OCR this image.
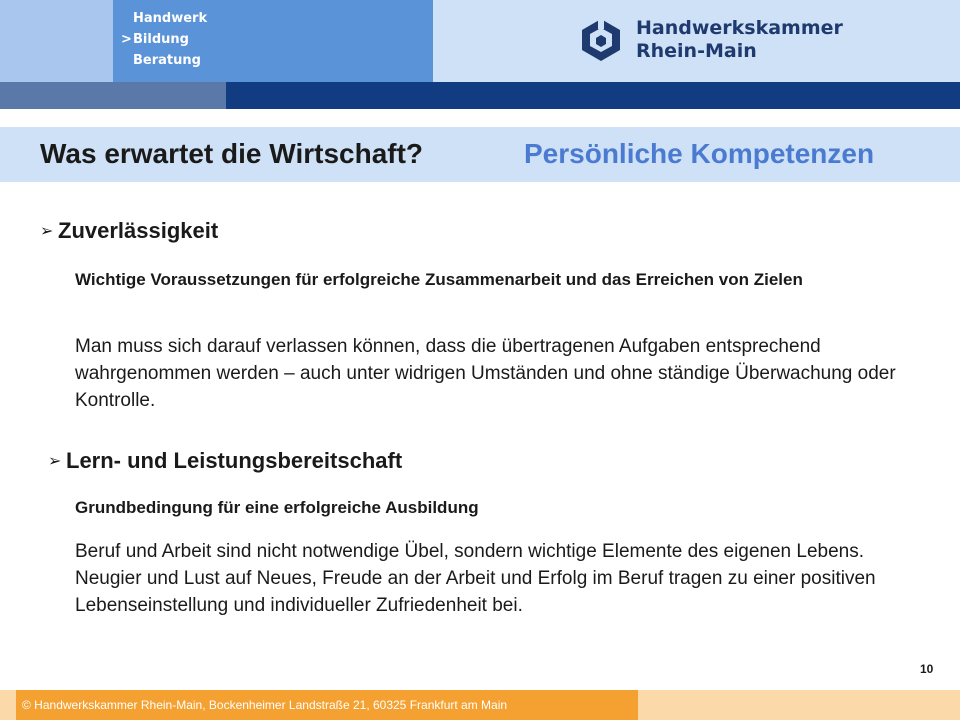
Handwerk
>Bildung
Beratung
Handwerkskammer
Rhein-Main
Was erwartet die Wirtschaft?	Persönliche Kompetenzen
➢ Zuverlässigkeit
Wichtige Voraussetzungen für erfolgreiche Zusammenarbeit und das Erreichen von Zielen
Man muss sich darauf verlassen können, dass die übertragenen Aufgaben entsprechend wahrgenommen werden – auch unter widrigen Umständen und ohne ständige Überwachung oder Kontrolle.
➢ Lern- und Leistungsbereitschaft
Grundbedingung für eine erfolgreiche Ausbildung
Beruf und Arbeit sind nicht notwendige Übel, sondern wichtige Elemente des eigenen Lebens. Neugier und Lust auf Neues, Freude an der Arbeit und Erfolg im Beruf tragen zu einer positiven Lebenseinstellung und individueller Zufriedenheit bei.
10
© Handwerkskammer Rhein-Main, Bockenheimer Landstraße 21, 60325 Frankfurt am Main
